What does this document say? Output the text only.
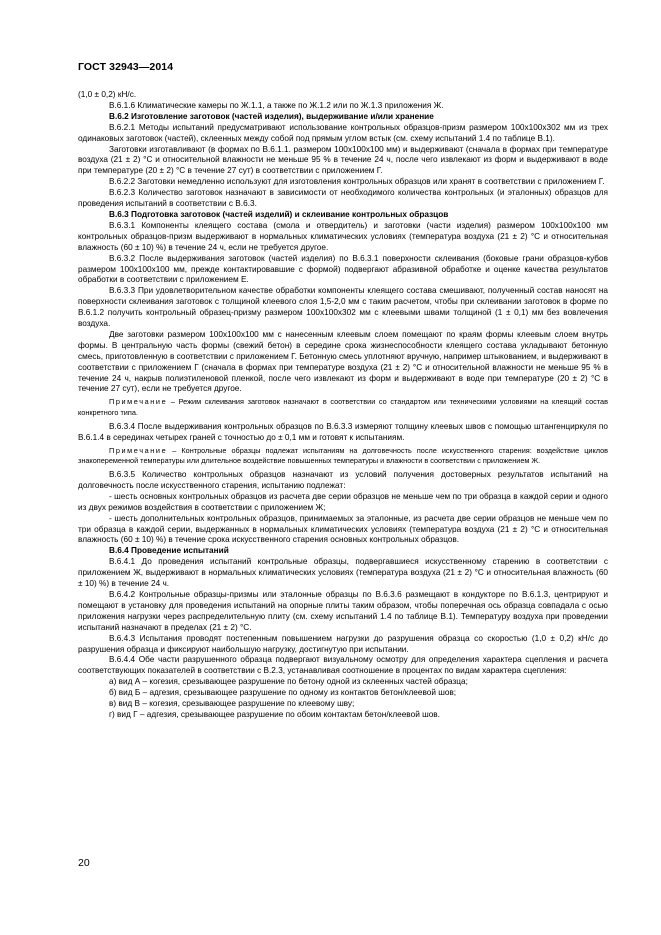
ГОСТ 32943—2014

(1,0 ± 0,2) кН/с.

В.6.1.6 Климатические камеры по Ж.1.1, а также по Ж.1.2 или по Ж.1.3 приложения Ж.

В.6.2 Изготовление заготовок (частей изделия), выдерживание и/или хранение

В.6.2.1 Методы испытаний предусматривают использование контрольных образцов-призм размером 100x100x302 мм из трех одинаковых заготовок (частей), склеенных между собой под прямым углом встык (см. схему испытаний 1.4 по таблице В.1).

Заготовки изготавливают (в формах по В.6.1.1. размером 100x100x100 мм) и выдерживают (сначала в формах при температуре воздуха (21 ± 2) °С и относительной влажности не меньше 95 % в течение 24 ч, после чего извлекают из форм и выдерживают в воде при температуре (20 ± 2) °С в течение 27 сут) в соответствии с приложением Г.

В.6.2.2 Заготовки немедленно используют для изготовления контрольных образцов или хранят в соответствии с приложением Г.

В.6.2.3 Количество заготовок назначают в зависимости от необходимого количества контрольных (и эталонных) образцов для проведения испытаний в соответствии с В.6.3.

В.6.3 Подготовка заготовок (частей изделий) и склеивание контрольных образцов

В.6.3.1 Компоненты клеящего состава (смола и отвердитель) и заготовки (части изделия) размером 100x100x100 мм контрольных образцов-призм выдерживают в нормальных климатических условиях (температура воздуха (21 ± 2) °С и относительная влажность (60 ± 10) %) в течение 24 ч, если не требуется другое.

В.6.3.2 После выдерживания заготовок (частей изделия) по В.6.3.1 поверхности склеивания (боковые грани образцов-кубов размером 100x100x100 мм, прежде контактировавшие с формой) подвергают абразивной обработке и оценке качества результатов обработки в соответствии с приложением Е.

В.6.3.3 При удовлетворительном качестве обработки компоненты клеящего состава смешивают, полученный состав наносят на поверхности склеивания заготовок с толщиной клеевого слоя 1,5-2,0 мм с таким расчетом, чтобы при склеивании заготовок в форме по В.6.1.2 получить контрольный образец-призму размером 100x100x302 мм с клеевыми швами толщиной (1 ± 0,1) мм без вовлечения воздуха.

Две заготовки размером 100x100x100 мм с нанесенным клеевым слоем помещают по краям формы клеевым слоем внутрь формы. В центральную часть формы (свежий бетон) в середине срока жизнеспособности клеящего состава укладывают бетонную смесь, приготовленную в соответствии с приложением Г. Бетонную смесь уплотняют вручную, например штыкованием, и выдерживают в соответствии с приложением Г (сначала в формах при температуре воздуха (21 ± 2) °С и относительной влажности не меньше 95 % в течение 24 ч, накрыв полиэтиленовой пленкой, после чего извлекают из форм и выдерживают в воде при температуре (20 ± 2) °С в течение 27 сут), если не требуется другое.

Примечание – Режим склеивания заготовок назначают в соответствии со стандартом или техническими условиями на клеящий состав конкретного типа.

В.6.3.4 После выдерживания контрольных образцов по В.6.3.3 измеряют толщину клеевых швов с помощью штангенциркуля по В.6.1.4 в серединах четырех граней с точностью до ± 0,1 мм и готовят к испытаниям.

Примечание – Контрольные образцы подлежат испытаниям на долговечность после искусственного старения: воздействие циклов знакопеременной температуры или длительное воздействие повышенных температуры и влажности в соответствии с приложением Ж.

В.6.3.5 Количество контрольных образцов назначают из условий получения достоверных результатов испытаний на долговечность после искусственного старения, испытанию подлежат:

- шесть основных контрольных образцов из расчета две серии образцов не меньше чем по три образца в каждой серии и одного из двух режимов воздействия в соответствии с приложением Ж;

- шесть дополнительных контрольных образцов, принимаемых за эталонные, из расчета две серии образцов не меньше чем по три образца в каждой серии, выдержанных в нормальных климатических условиях (температура воздуха (21 ± 2) °С и относительная влажность (60 ± 10) %) в течение срока искусственного старения основных контрольных образцов.

В.6.4 Проведение испытаний

В.6.4.1 До проведения испытаний контрольные образцы, подвергавшиеся искусственному старению в соответствии с приложением Ж, выдерживают в нормальных климатических условиях (температура воздуха (21 ± 2) °С и относительная влажность (60 ± 10) %) в течение 24 ч.

В.6.4.2 Контрольные образцы-призмы или эталонные образцы по В.6.3.6 размещают в кондукторе по В.6.1.3, центрируют и помещают в установку для проведения испытаний на опорные плиты таким образом, чтобы поперечная ось образца совпадала с осью приложения нагрузки через распределительную плиту (см. схему испытаний 1.4 по таблице В.1). Температуру воздуха при проведении испытаний назначают в пределах (21 ± 2) °С.

В.6.4.3 Испытания проводят постепенным повышением нагрузки до разрушения образца со скоростью (1,0 ± 0,2) кН/с до разрушения образца и фиксируют наибольшую нагрузку, достигнутую при испытании.

В.6.4.4 Обе части разрушенного образца подвергают визуальному осмотру для определения характера сцепления и расчета соответствующих показателей в соответствии с В.2.3, устанавливая соотношение в процентах по видам характера сцепления:

а) вид А – когезия, срезывающее разрушение по бетону одной из склеенных частей образца;

б) вид Б – адгезия, срезывающее разрушение по одному из контактов бетон/клеевой шов;

в) вид В – когезия, срезывающее разрушение по клеевому шву;

г) вид Г – адгезия, срезывающее разрушение по обоим контактам бетон/клеевой шов.

20
